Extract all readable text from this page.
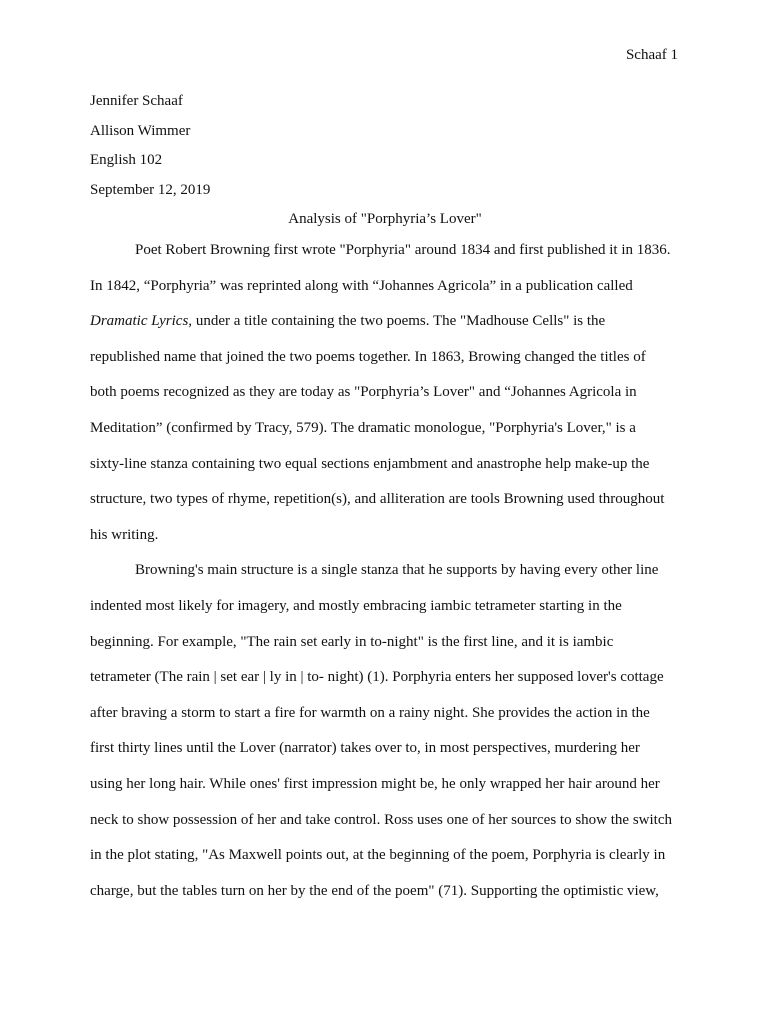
Schaaf 1
Jennifer Schaaf
Allison Wimmer
English 102
September 12, 2019
Analysis of "Porphyria’s Lover"
Poet Robert Browning first wrote "Porphyria" around 1834 and first published it in 1836.
In 1842, “Porphyria” was reprinted along with “Johannes Agricola” in a publication called
Dramatic Lyrics, under a title containing the two poems. The "Madhouse Cells" is the
republished name that joined the two poems together. In 1863, Browing changed the titles of
both poems recognized as they are today as "Porphyria’s Lover" and “Johannes Agricola in
Meditation” (confirmed by Tracy, 579). The dramatic monologue, "Porphyria's Lover," is a
sixty-line stanza containing two equal sections enjambment and anastrophe help make-up the
structure, two types of rhyme, repetition(s), and alliteration are tools Browning used throughout
his writing.
Browning's main structure is a single stanza that he supports by having every other line
indented most likely for imagery, and mostly embracing iambic tetrameter starting in the
beginning. For example, "The rain set early in to-night" is the first line, and it is iambic
tetrameter (The rain | set ear | ly in | to- night) (1). Porphyria enters her supposed lover's cottage
after braving a storm to start a fire for warmth on a rainy night. She provides the action in the
first thirty lines until the Lover (narrator) takes over to, in most perspectives, murdering her
using her long hair. While ones' first impression might be, he only wrapped her hair around her
neck to show possession of her and take control. Ross uses one of her sources to show the switch
in the plot stating, "As Maxwell points out, at the beginning of the poem, Porphyria is clearly in
charge, but the tables turn on her by the end of the poem" (71). Supporting the optimistic view,
